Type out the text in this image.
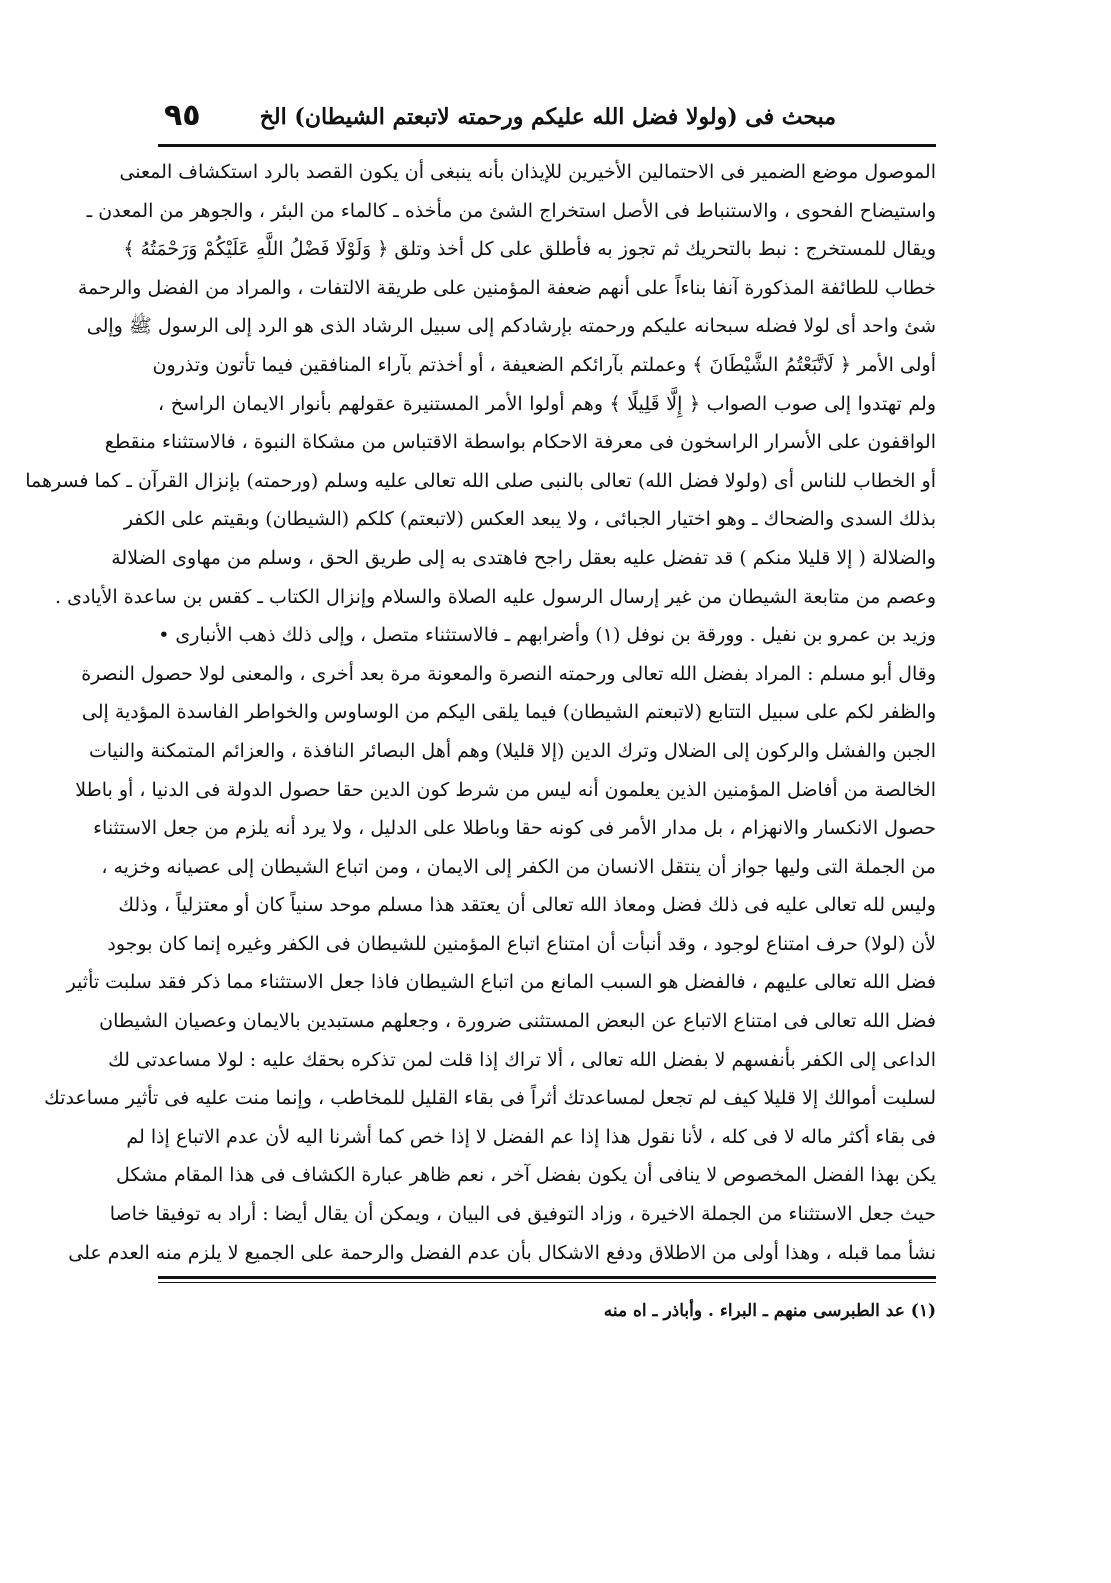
٩٥	مبحث فى (ولولا فضل الله عليكم ورحمته لاتبعتم الشيطان) الخ
الموصول موضع الضمير فى الاحتمالين الأخيرين للإيذان بأنه ينبغى أن يكون القصد بالرد استكشاف المعنى
واستيضاح الفحوى ، والاستنباط فى الأصل استخراج الشئ من مأخذه ـ كالماء من البئر ، والجوهر من المعدن ـ
ويقال للمستخرج : نبط بالتحريك ثم تجوز به فأطلق على كل أخذ وتلق ﴿ وَلَوْلَا فَضْلُ اللَّهِ عَلَيْكُمْ وَرَحْمَتُهُ ﴾
خطاب للطائفة المذكورة آنفا بناءاً على أنهم ضعفة المؤمنين على طريقة الالتفات ، والمراد من الفضل والرحمة
شئ واحد أى لولا فضله سبحانه عليكم ورحمته بإرشادكم إلى سبيل الرشاد الذى هو الرد إلى الرسول ﷺ وإلى
أولى الأمر ﴿ لَاتَّبَعْتُمُ الشَّيْطَانَ ﴾ وعملتم بآرائكم الضعيفة ، أو أخذتم بآراء المنافقين فيما تأتون وتذرون
ولم تهتدوا إلى صوب الصواب ﴿ إِلَّا قَلِيلًا ﴾ وهم أولوا الأمر المستنيرة عقولهم بأنوار الايمان الراسخ ،
الواقفون على الأسرار الراسخون فى معرفة الاحكام بواسطة الاقتباس من مشكاة النبوة ، فالاستثناء منقطع
أو الخطاب للناس أى (ولولا فضل الله) تعالى بالنبى صلى الله تعالى عليه وسلم (ورحمته) بإنزال القرآن ـ كما فسرهما
بذلك السدى والضحاك ـ وهو اختيار الجبائى ، ولا يبعد العكس (لاتبعتم) كلكم (الشيطان) وبقيتم على الكفر
والضلالة ( إلا قليلا منكم ) قد تفضل عليه بعقل راجح فاهتدى به إلى طريق الحق ، وسلم من مهاوى الضلالة
وعصم من متابعة الشيطان من غير إرسال الرسول عليه الصلاة والسلام وإنزال الكتاب ـ كقس بن ساعدة الأيادى .
وزيد بن عمرو بن نفيل . وورقة بن نوفل (١) وأضرابهم ـ فالاستثناء متصل ، وإلى ذلك ذهب الأنبارى •
وقال أبو مسلم : المراد بفضل الله تعالى ورحمته النصرة والمعونة مرة بعد أخرى ، والمعنى لولا حصول النصرة
والظفر لكم على سبيل التتابع (لاتبعتم الشيطان) فيما يلقى اليكم من الوساوس والخواطر الفاسدة المؤدية إلى
الجبن والفشل والركون إلى الضلال وترك الدين (إلا قليلا) وهم أهل البصائر النافذة ، والعزائم المتمكنة والنيات
الخالصة من أفاضل المؤمنين الذين يعلمون أنه ليس من شرط كون الدين حقا حصول الدولة فى الدنيا ، أو باطلا
حصول الانكسار والانهزام ، بل مدار الأمر فى كونه حقا وباطلا على الدليل ، ولا يرد أنه يلزم من جعل الاستثناء
من الجملة التى وليها جواز أن ينتقل الانسان من الكفر إلى الايمان ، ومن اتباع الشيطان إلى عصيانه وخزيه ،
وليس لله تعالى عليه فى ذلك فضل ومعاذ الله تعالى أن يعتقد هذا مسلم موحد سنياً كان أو معتزلياً ، وذلك
لأن (لولا) حرف امتناع لوجود ، وقد أنبأت أن امتناع اتباع المؤمنين للشيطان فى الكفر وغيره إنما كان بوجود
فضل الله تعالى عليهم ، فالفضل هو السبب المانع من اتباع الشيطان فاذا جعل الاستثناء مما ذكر فقد سلبت تأثير
فضل الله تعالى فى امتناع الاتباع عن البعض المستثنى ضرورة ، وجعلهم مستبدين بالايمان وعصيان الشيطان
الداعى إلى الكفر بأنفسهم لا بفضل الله تعالى ، ألا تراك إذا قلت لمن تذكره بحقك عليه : لولا مساعدتى لك
لسلبت أموالك إلا قليلا كيف لم تجعل لمساعدتك أثراً فى بقاء القليل للمخاطب ، وإنما منت عليه فى تأثير مساعدتك
فى بقاء أكثر ماله لا فى كله ، لأنا نقول هذا إذا عم الفضل لا إذا خص كما أشرنا اليه لأن عدم الاتباع إذا لم
يكن بهذا الفضل المخصوص لا ينافى أن يكون بفضل آخر ، نعم ظاهر عبارة الكشاف فى هذا المقام مشكل
حيث جعل الاستثناء من الجملة الاخيرة ، وزاد التوفيق فى البيان ، ويمكن أن يقال أيضا : أراد به توفيقا خاصا
نشأ مما قبله ، وهذا أولى من الاطلاق ودفع الاشكال بأن عدم الفضل والرحمة على الجميع لا يلزم منه العدم على
(١) عد الطبرسى منهم ـ البراء . وأباذر ـ اه منه
